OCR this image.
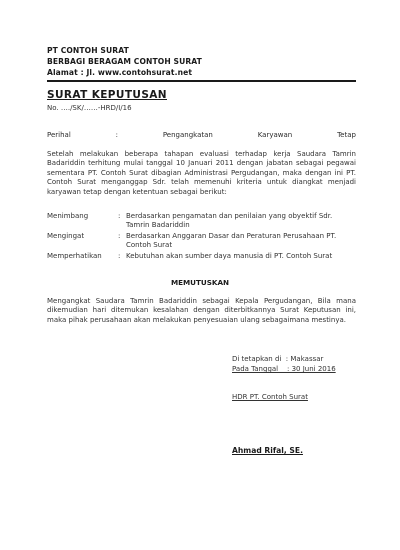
PT CONTOH SURAT
BERBAGI BERAGAM CONTOH SURAT
Alamat : Jl. www.contohsurat.net
SURAT KEPUTUSAN
No. …./SK/……-HRD/I/16
Perihal	:	Pengangkatan	Karyawan	Tetap
Setelah melakukan beberapa tahapan evaluasi terhadap kerja Saudara Tamrin Badariddin terhitung mulai tanggal 10 Januari 2011 dengan jabatan sebagai pegawai sementara PT. Contoh Surat dibagian Administrasi Pergudangan, maka dengan ini PT. Contoh Surat menganggap Sdr. telah memenuhi kriteria untuk diangkat menjadi karyawan tetap dengan ketentuan sebagai berikut:
Menimbang	: Berdasarkan pengamatan dan penilaian yang obyektif Sdr. Tamrin Badariddin
Mengingat	: Berdasarkan Anggaran Dasar dan Peraturan Perusahaan PT. Contoh Surat
Memperhatikan : Kebutuhan akan sumber daya manusia di PT. Contoh Surat
MEMUTUSKAN
Mengangkat Saudara Tamrin Badariddin sebagai Kepala Pergudangan, Bila mana dikemudian hari ditemukan kesalahan dengan diterbitkannya Surat Keputusan ini, maka pihak perusahaan akan melakukan penyesuaian ulang sebagaimana mestinya.
Di tetapkan di  : Makassar
Pada Tanggal    : 30 Juni 2016
HDR PT. Contoh Surat
Ahmad Rifal, SE.
